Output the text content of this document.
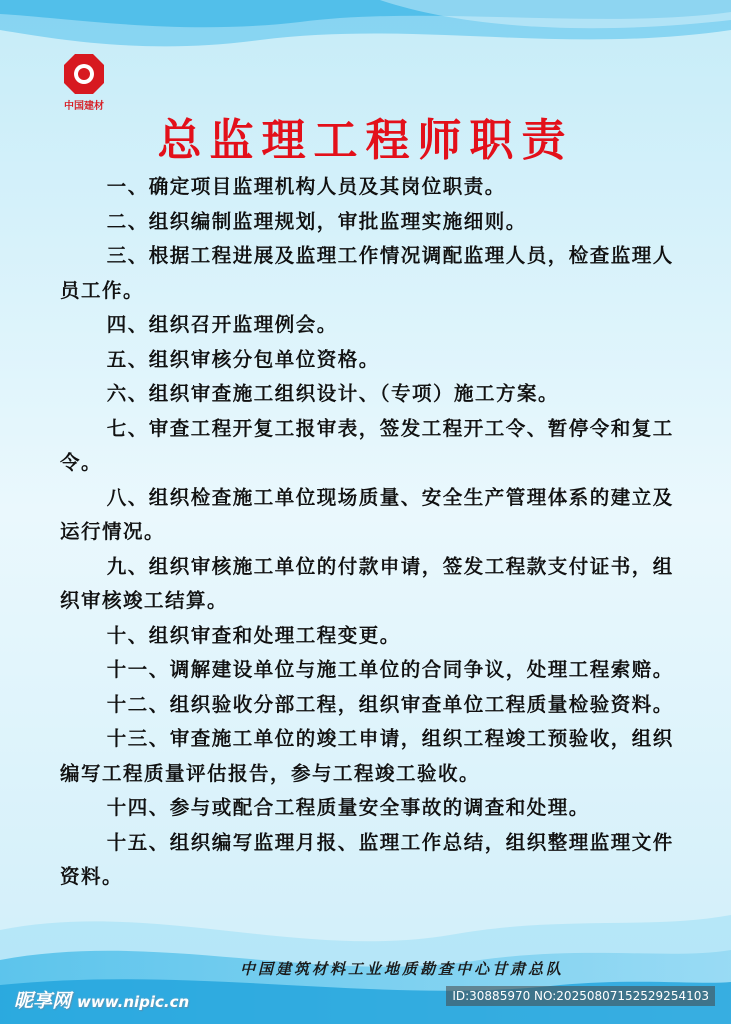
中国建材
总监理工程师职责
一、确定项目监理机构人员及其岗位职责。
二、组织编制监理规划，审批监理实施细则。
三、根据工程进展及监理工作情况调配监理人员，检查监理人员工作。
四、组织召开监理例会。
五、组织审核分包单位资格。
六、组织审查施工组织设计、（专项）施工方案。
七、审查工程开复工报审表，签发工程开工令、暂停令和复工令。
八、组织检查施工单位现场质量、安全生产管理体系的建立及运行情况。
九、组织审核施工单位的付款申请，签发工程款支付证书，组织审核竣工结算。
十、组织审查和处理工程变更。
十一、调解建设单位与施工单位的合同争议，处理工程索赔。
十二、组织验收分部工程，组织审查单位工程质量检验资料。
十三、审查施工单位的竣工申请，组织工程竣工预验收，组织编写工程质量评估报告，参与工程竣工验收。
十四、参与或配合工程质量安全事故的调查和处理。
十五、组织编写监理月报、监理工作总结，组织整理监理文件资料。
中国建筑材料工业地质勘查中心甘肃总队
昵享网 www.nipic.cn	ID:30885970 NO:20250807152529254103
